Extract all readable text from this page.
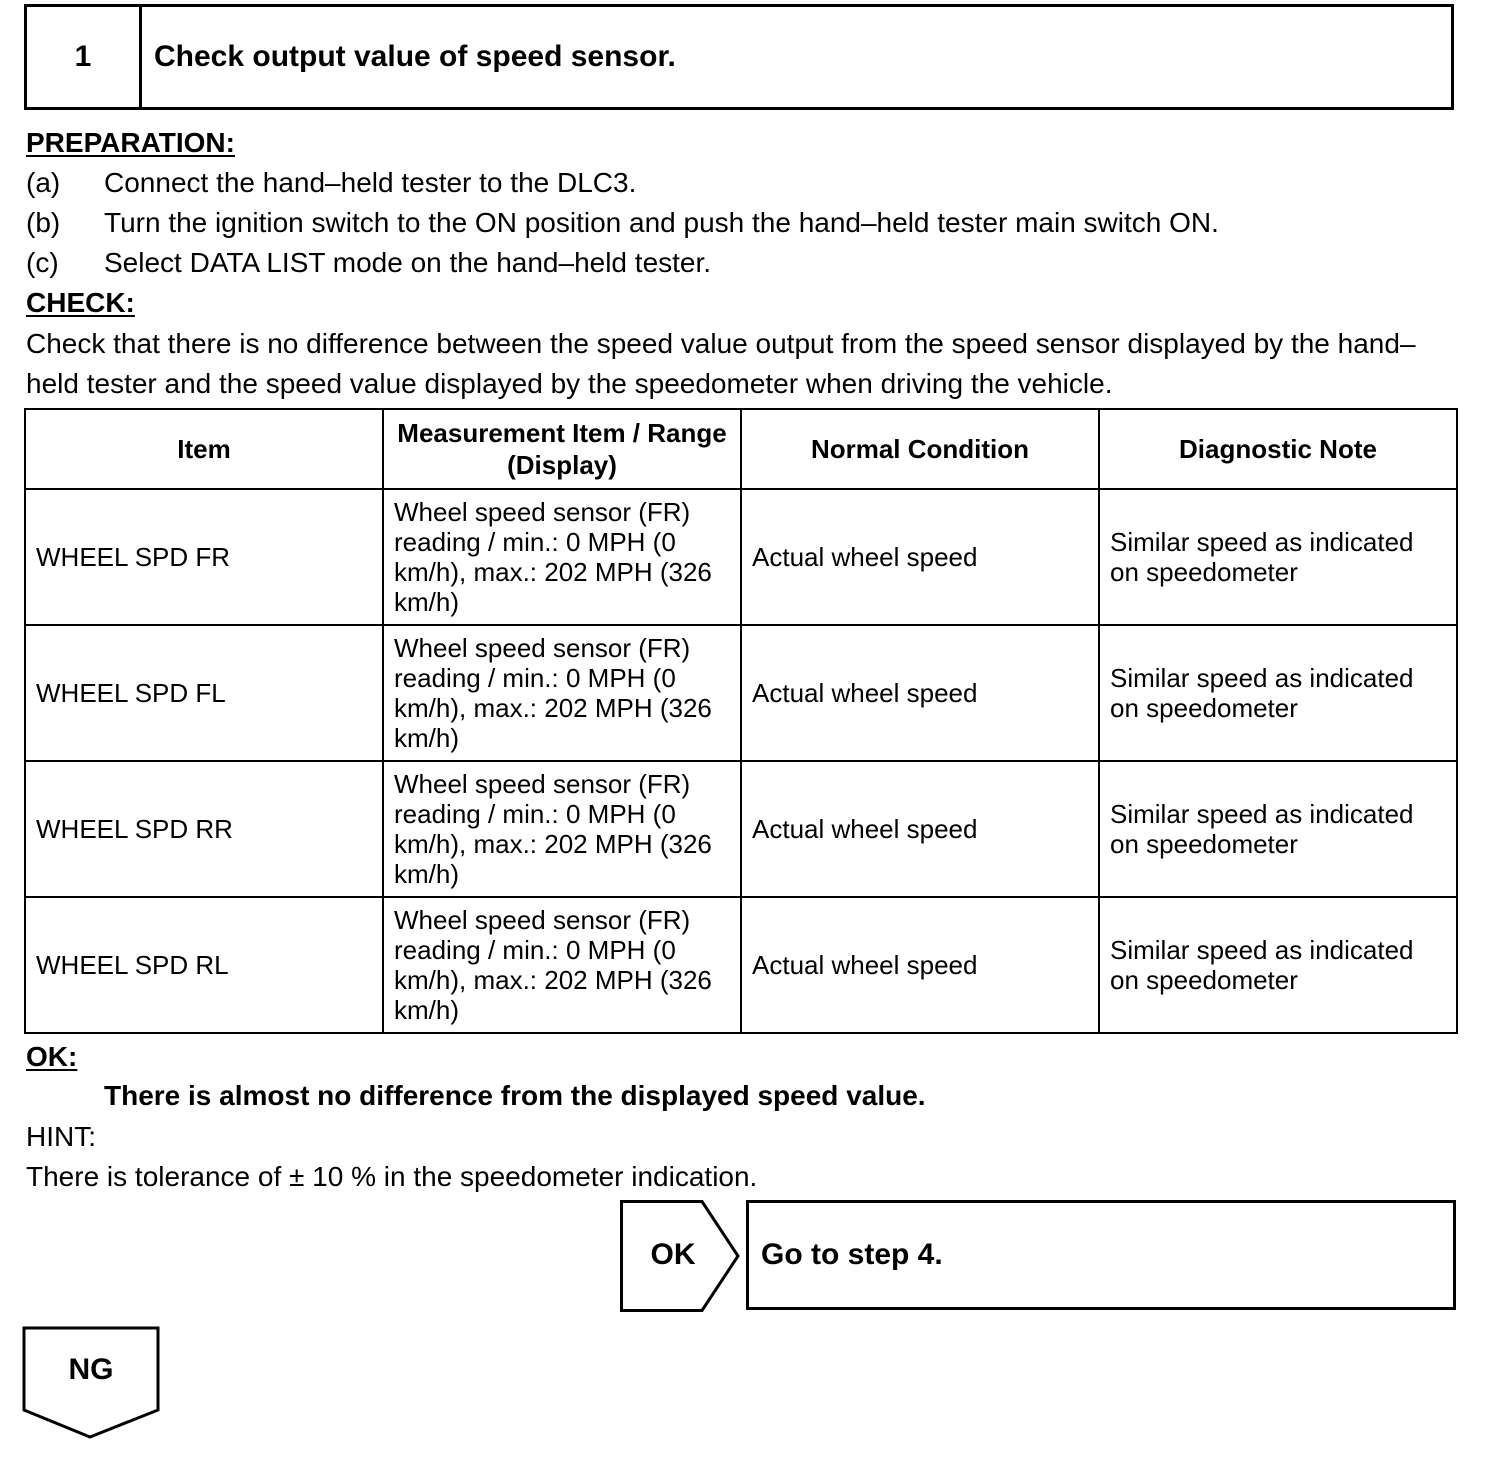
1	Check output value of speed sensor.
PREPARATION:
(a)	Connect the hand–held tester to the DLC3.
(b)	Turn the ignition switch to the ON position and push the hand–held tester main switch ON.
(c)	Select DATA LIST mode on the hand–held tester.
CHECK:
Check that there is no difference between the speed value output from the speed sensor displayed by the hand–held tester and the speed value displayed by the speedometer when driving the vehicle.
Item	Measurement Item / Range (Display)	Normal Condition	Diagnostic Note
WHEEL SPD FR	Wheel speed sensor (FR) reading / min.: 0 MPH (0 km/h), max.: 202 MPH (326 km/h)	Actual wheel speed	Similar speed as indicated on speedometer
WHEEL SPD FL	Wheel speed sensor (FR) reading / min.: 0 MPH (0 km/h), max.: 202 MPH (326 km/h)	Actual wheel speed	Similar speed as indicated on speedometer
WHEEL SPD RR	Wheel speed sensor (FR) reading / min.: 0 MPH (0 km/h), max.: 202 MPH (326 km/h)	Actual wheel speed	Similar speed as indicated on speedometer
WHEEL SPD RL	Wheel speed sensor (FR) reading / min.: 0 MPH (0 km/h), max.: 202 MPH (326 km/h)	Actual wheel speed	Similar speed as indicated on speedometer
OK:
There is almost no difference from the displayed speed value.
HINT:
There is tolerance of ± 10 % in the speedometer indication.
OK	Go to step 4.
NG
